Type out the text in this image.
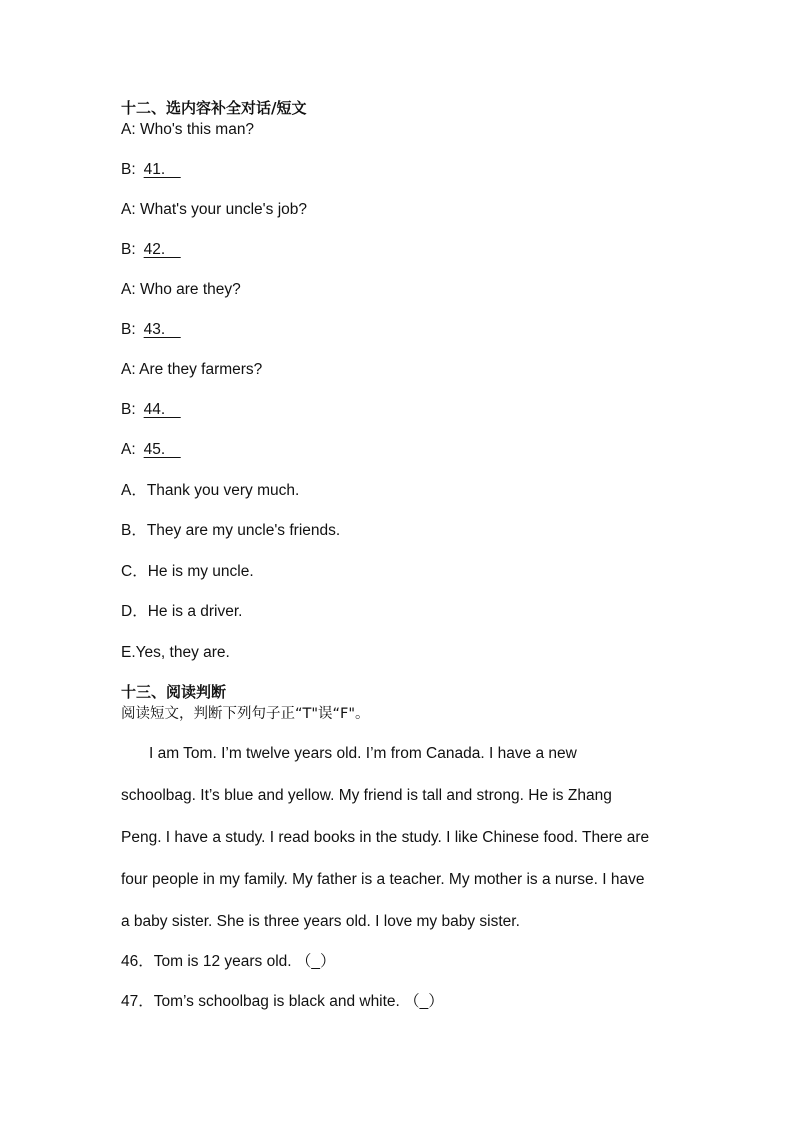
十二、选内容补全对话/短文
A: Who's this man?
B: 41.　
A: What's your uncle's job?
B: 42.　
A: Who are they?
B: 43.　
A: Are they farmers?
B: 44.　
A: 45.　
A．Thank you very much.
B．They are my uncle's friends.
C．He is my uncle.
D．He is a driver.
E.Yes, they are.
十三、阅读判断
阅读短文，判断下列句子正“T"误“F"。
I am Tom. I’m twelve years old. I’m from Canada. I have a new
schoolbag. It’s blue and yellow. My friend is tall and strong. He is Zhang
Peng. I have a study. I read books in the study. I like Chinese food. There are
four people in my family. My father is a teacher. My mother is a nurse. I have
a baby sister. She is three years old. I love my baby sister.
46．Tom is 12 years old. （_）
47．Tom’s schoolbag is black and white. （_）
